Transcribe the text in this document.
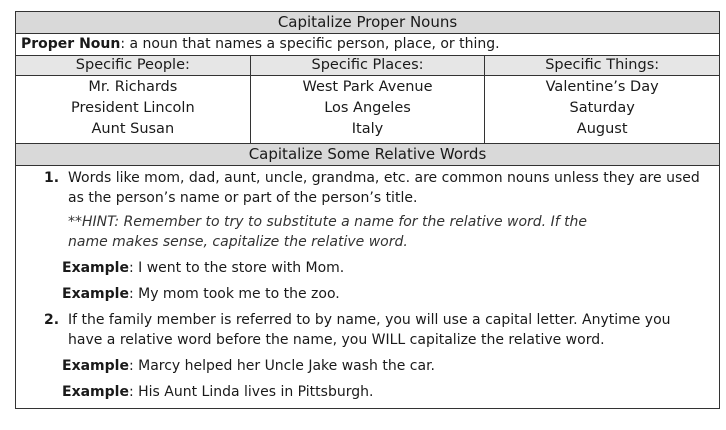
Capitalize Proper Nouns
Proper Noun: a noun that names a specific person, place, or thing.
Specific People:
Mr. Richards
President Lincoln
Aunt Susan
Specific Places:
West Park Avenue
Los Angeles
Italy
Specific Things:
Valentine’s Day
Saturday
August
Capitalize Some Relative Words
1. Words like mom, dad, aunt, uncle, grandma, etc. are common nouns unless they are used as the person’s name or part of the person’s title.
**HINT: Remember to try to substitute a name for the relative word. If the name makes sense, capitalize the relative word.
Example: I went to the store with Mom.
Example: My mom took me to the zoo.
2. If the family member is referred to by name, you will use a capital letter. Anytime you have a relative word before the name, you WILL capitalize the relative word.
Example: Marcy helped her Uncle Jake wash the car.
Example: His Aunt Linda lives in Pittsburgh.
